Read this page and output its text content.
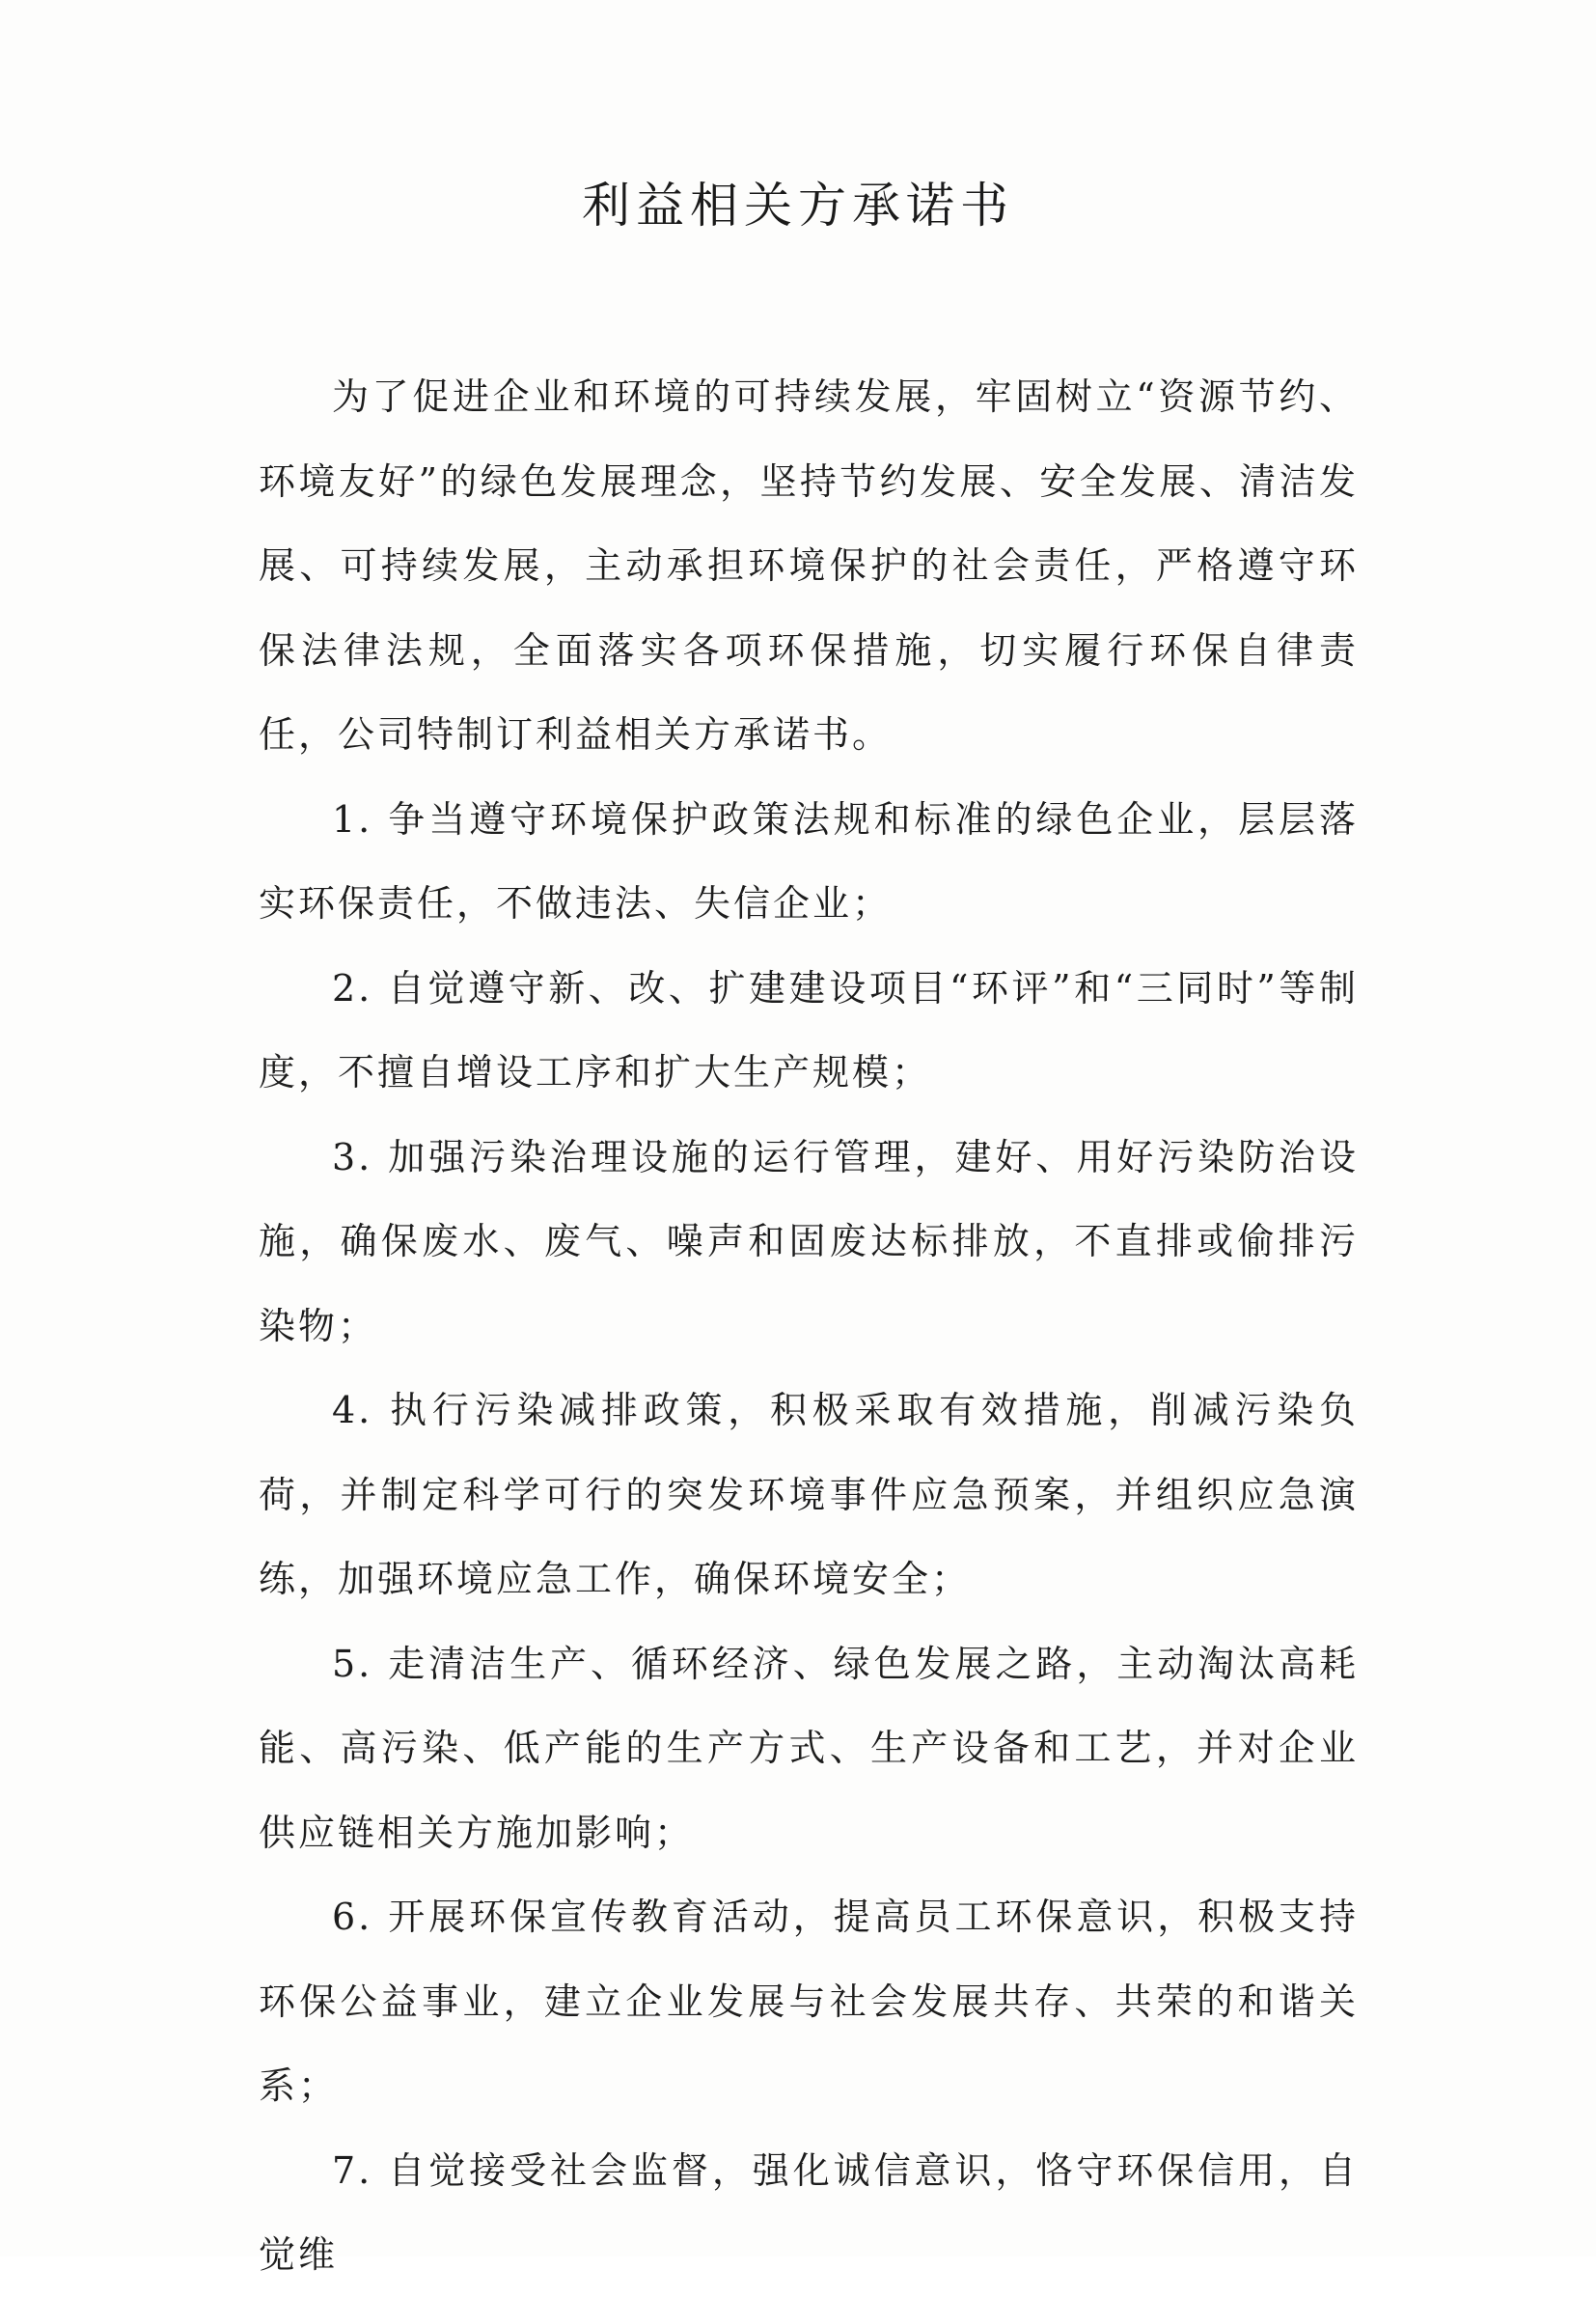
利益相关方承诺书

为了促进企业和环境的可持续发展，牢固树立“资源节约、环境友好”的绿色发展理念，坚持节约发展、安全发展、清洁发展、可持续发展，主动承担环境保护的社会责任，严格遵守环保法律法规，全面落实各项环保措施，切实履行环保自律责任，公司特制订利益相关方承诺书。

1. 争当遵守环境保护政策法规和标准的绿色企业，层层落实环保责任，不做违法、失信企业；

2. 自觉遵守新、改、扩建建设项目“环评”和“三同时”等制度，不擅自增设工序和扩大生产规模；

3. 加强污染治理设施的运行管理，建好、用好污染防治设施，确保废水、废气、噪声和固废达标排放，不直排或偷排污染物；

4. 执行污染减排政策，积极采取有效措施，削减污染负荷，并制定科学可行的突发环境事件应急预案，并组织应急演练，加强环境应急工作，确保环境安全；

5. 走清洁生产、循环经济、绿色发展之路，主动淘汰高耗能、高污染、低产能的生产方式、生产设备和工艺，并对企业供应链相关方施加影响；

6. 开展环保宣传教育活动，提高员工环保意识，积极支持环保公益事业，建立企业发展与社会发展共存、共荣的和谐关系；

7. 自觉接受社会监督，强化诚信意识，恪守环保信用，自觉维
